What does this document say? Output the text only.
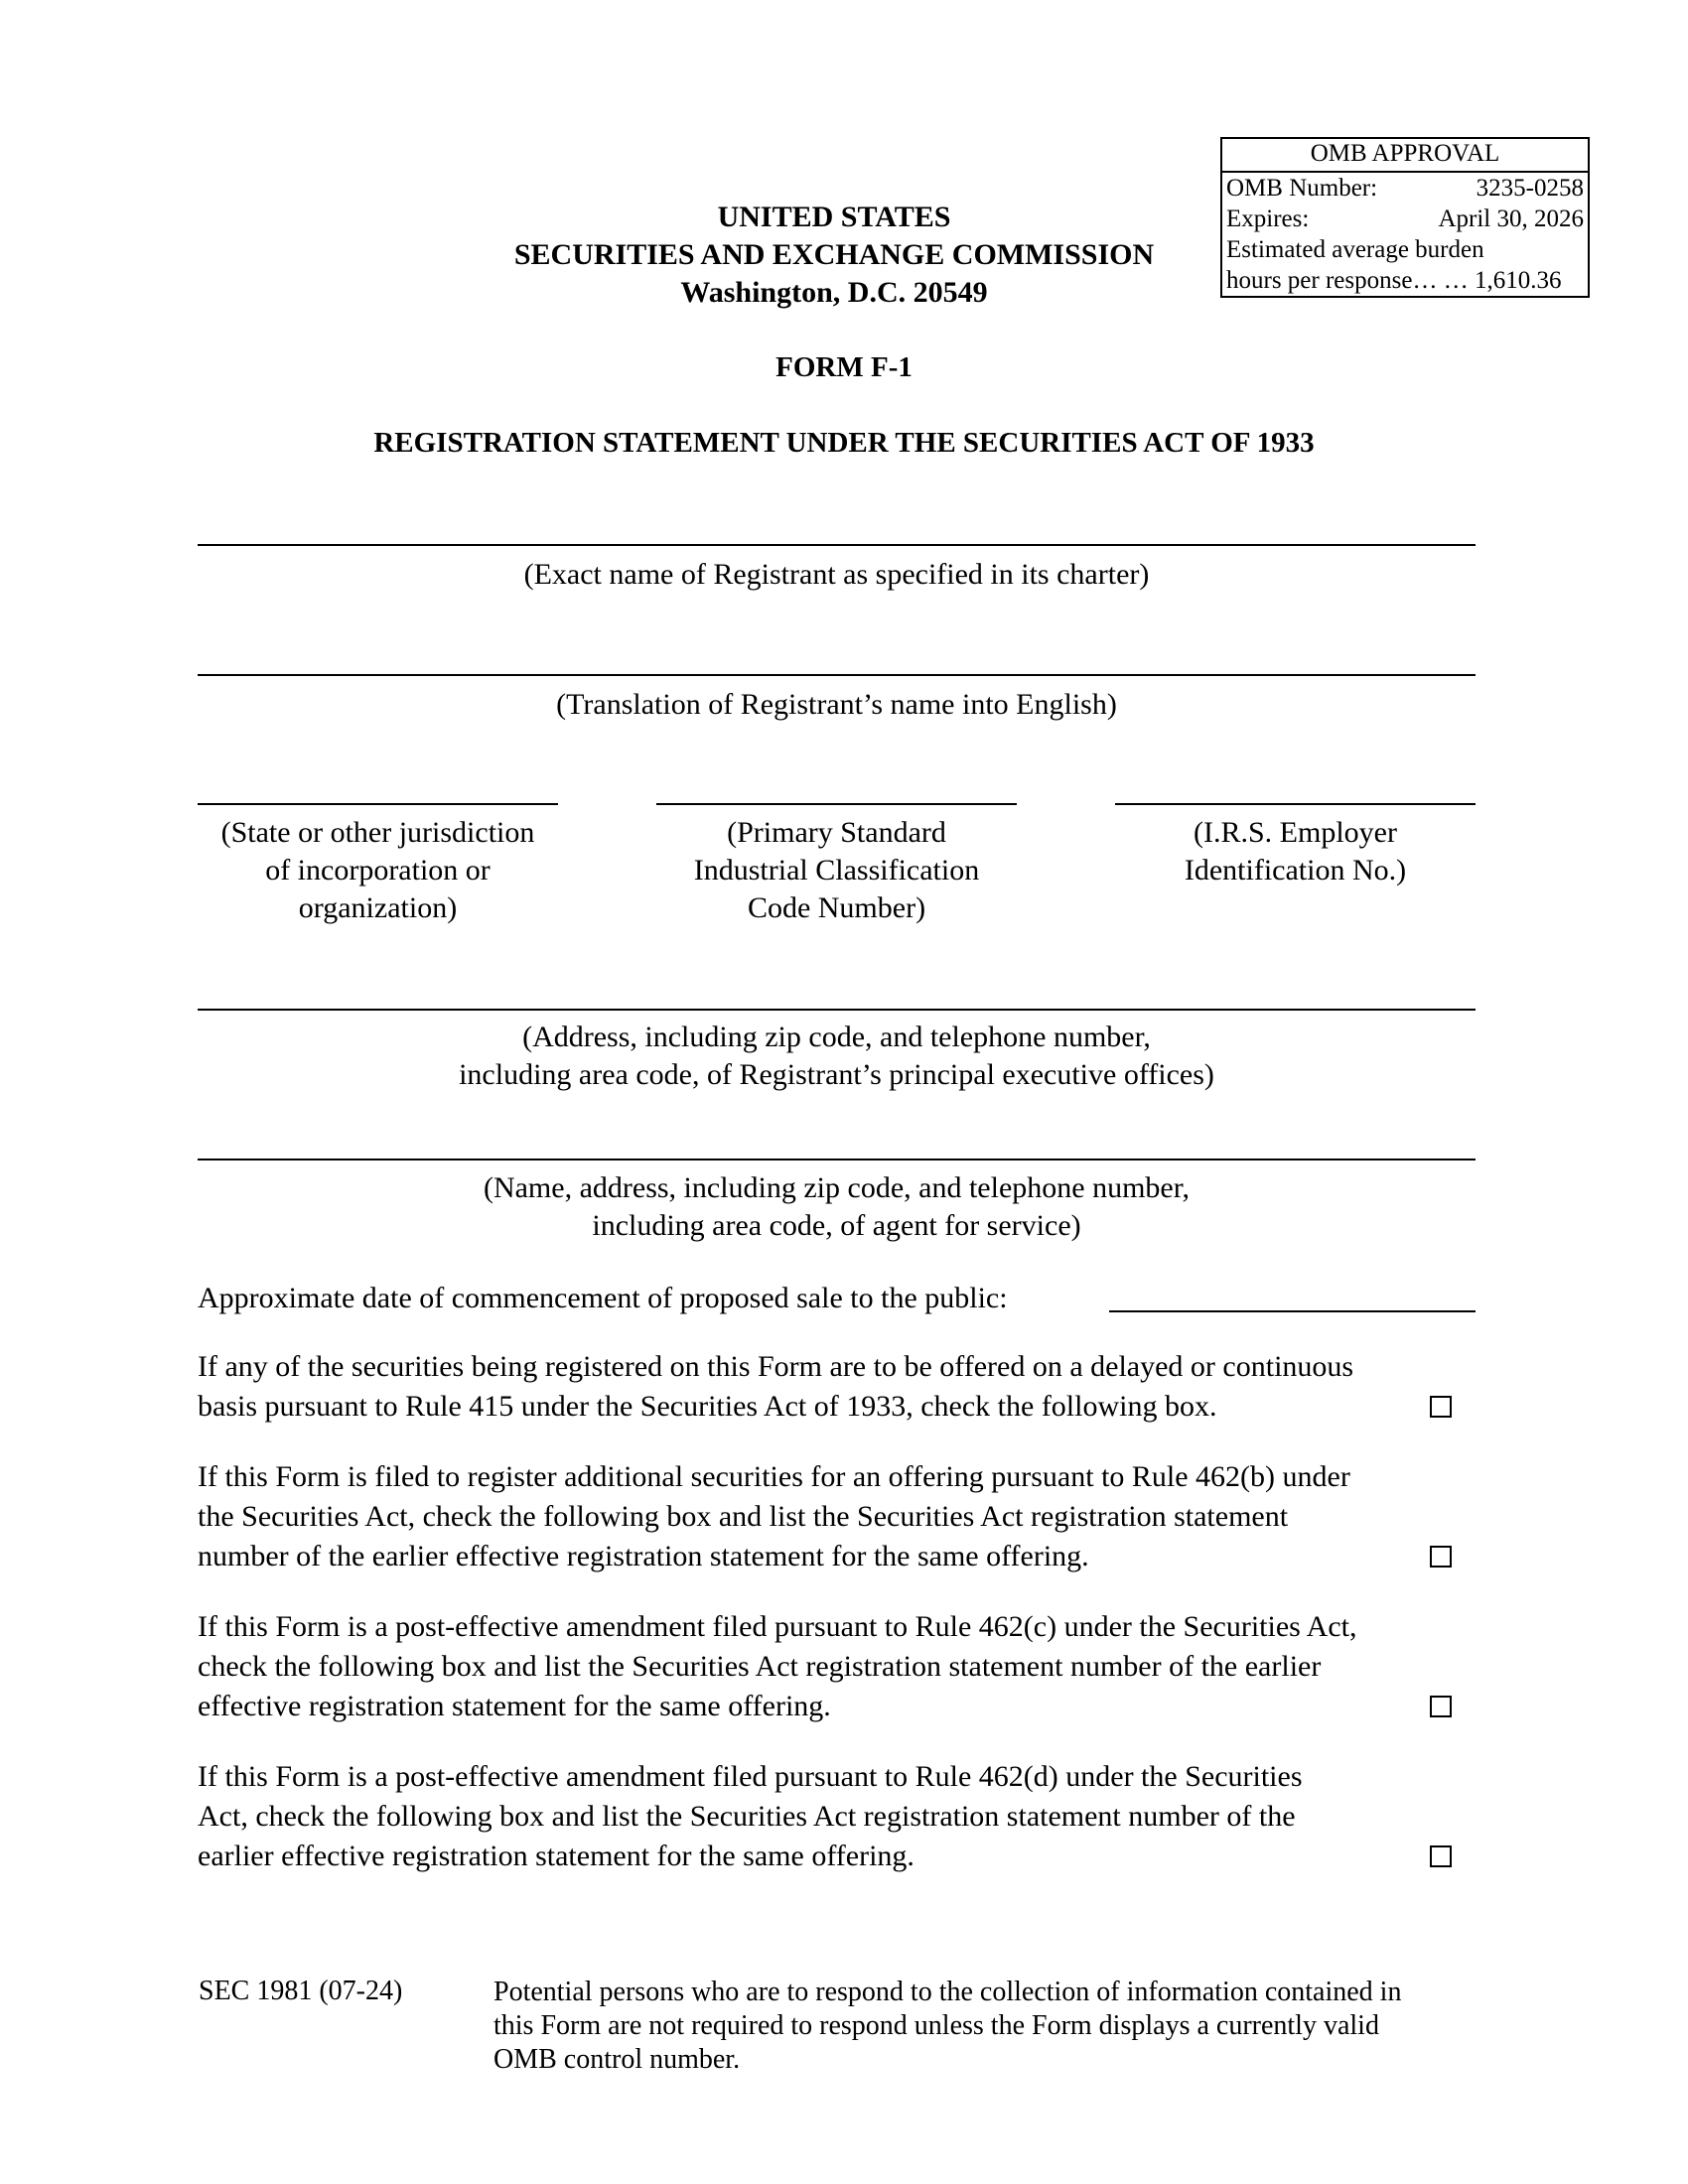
OMB APPROVAL
OMB Number:	3235-0258
Expires:	April 30, 2026
Estimated average burden
hours per response… … 1,610.36
UNITED STATES
SECURITIES AND EXCHANGE COMMISSION
Washington, D.C. 20549
FORM F-1
REGISTRATION STATEMENT UNDER THE SECURITIES ACT OF 1933
(Exact name of Registrant as specified in its charter)
(Translation of Registrant’s name into English)
(State or other jurisdiction
of incorporation or
organization)
(Primary Standard
Industrial Classification
Code Number)
(I.R.S. Employer
Identification No.)
(Address, including zip code, and telephone number,
including area code, of Registrant’s principal executive offices)
(Name, address, including zip code, and telephone number,
including area code, of agent for service)
Approximate date of commencement of proposed sale to the public:
If any of the securities being registered on this Form are to be offered on a delayed or continuous
basis pursuant to Rule 415 under the Securities Act of 1933, check the following box.
If this Form is filed to register additional securities for an offering pursuant to Rule 462(b) under
the Securities Act, check the following box and list the Securities Act registration statement
number of the earlier effective registration statement for the same offering.
If this Form is a post-effective amendment filed pursuant to Rule 462(c) under the Securities Act,
check the following box and list the Securities Act registration statement number of the earlier
effective registration statement for the same offering.
If this Form is a post-effective amendment filed pursuant to Rule 462(d) under the Securities
Act, check the following box and list the Securities Act registration statement number of the
earlier effective registration statement for the same offering.
SEC 1981 (07-24)	Potential persons who are to respond to the collection of information contained in
this Form are not required to respond unless the Form displays a currently valid
OMB control number.
